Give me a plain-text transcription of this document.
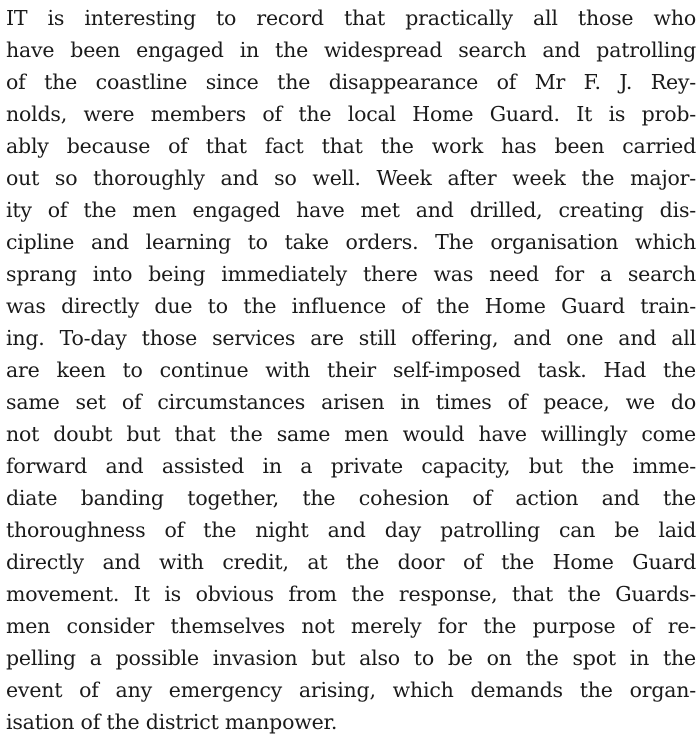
IT is interesting to record that practically all those who
have been engaged in the widespread search and patrolling
of the coastline since the disappearance of Mr F. J. Rey-
nolds, were members of the local Home Guard. It is prob-
ably because of that fact that the work has been carried
out so thoroughly and so well. Week after week the major-
ity of the men engaged have met and drilled, creating dis-
cipline and learning to take orders. The organisation which
sprang into being immediately there was need for a search
was directly due to the influence of the Home Guard train-
ing. To-day those services are still offering, and one and all
are keen to continue with their self-imposed task. Had the
same set of circumstances arisen in times of peace, we do
not doubt but that the same men would have willingly come
forward and assisted in a private capacity, but the imme-
diate banding together, the cohesion of action and the
thoroughness of the night and day patrolling can be laid
directly and with credit, at the door of the Home Guard
movement. It is obvious from the response, that the Guards-
men consider themselves not merely for the purpose of re-
pelling a possible invasion but also to be on the spot in the
event of any emergency arising, which demands the organ-
isation of the district manpower.
